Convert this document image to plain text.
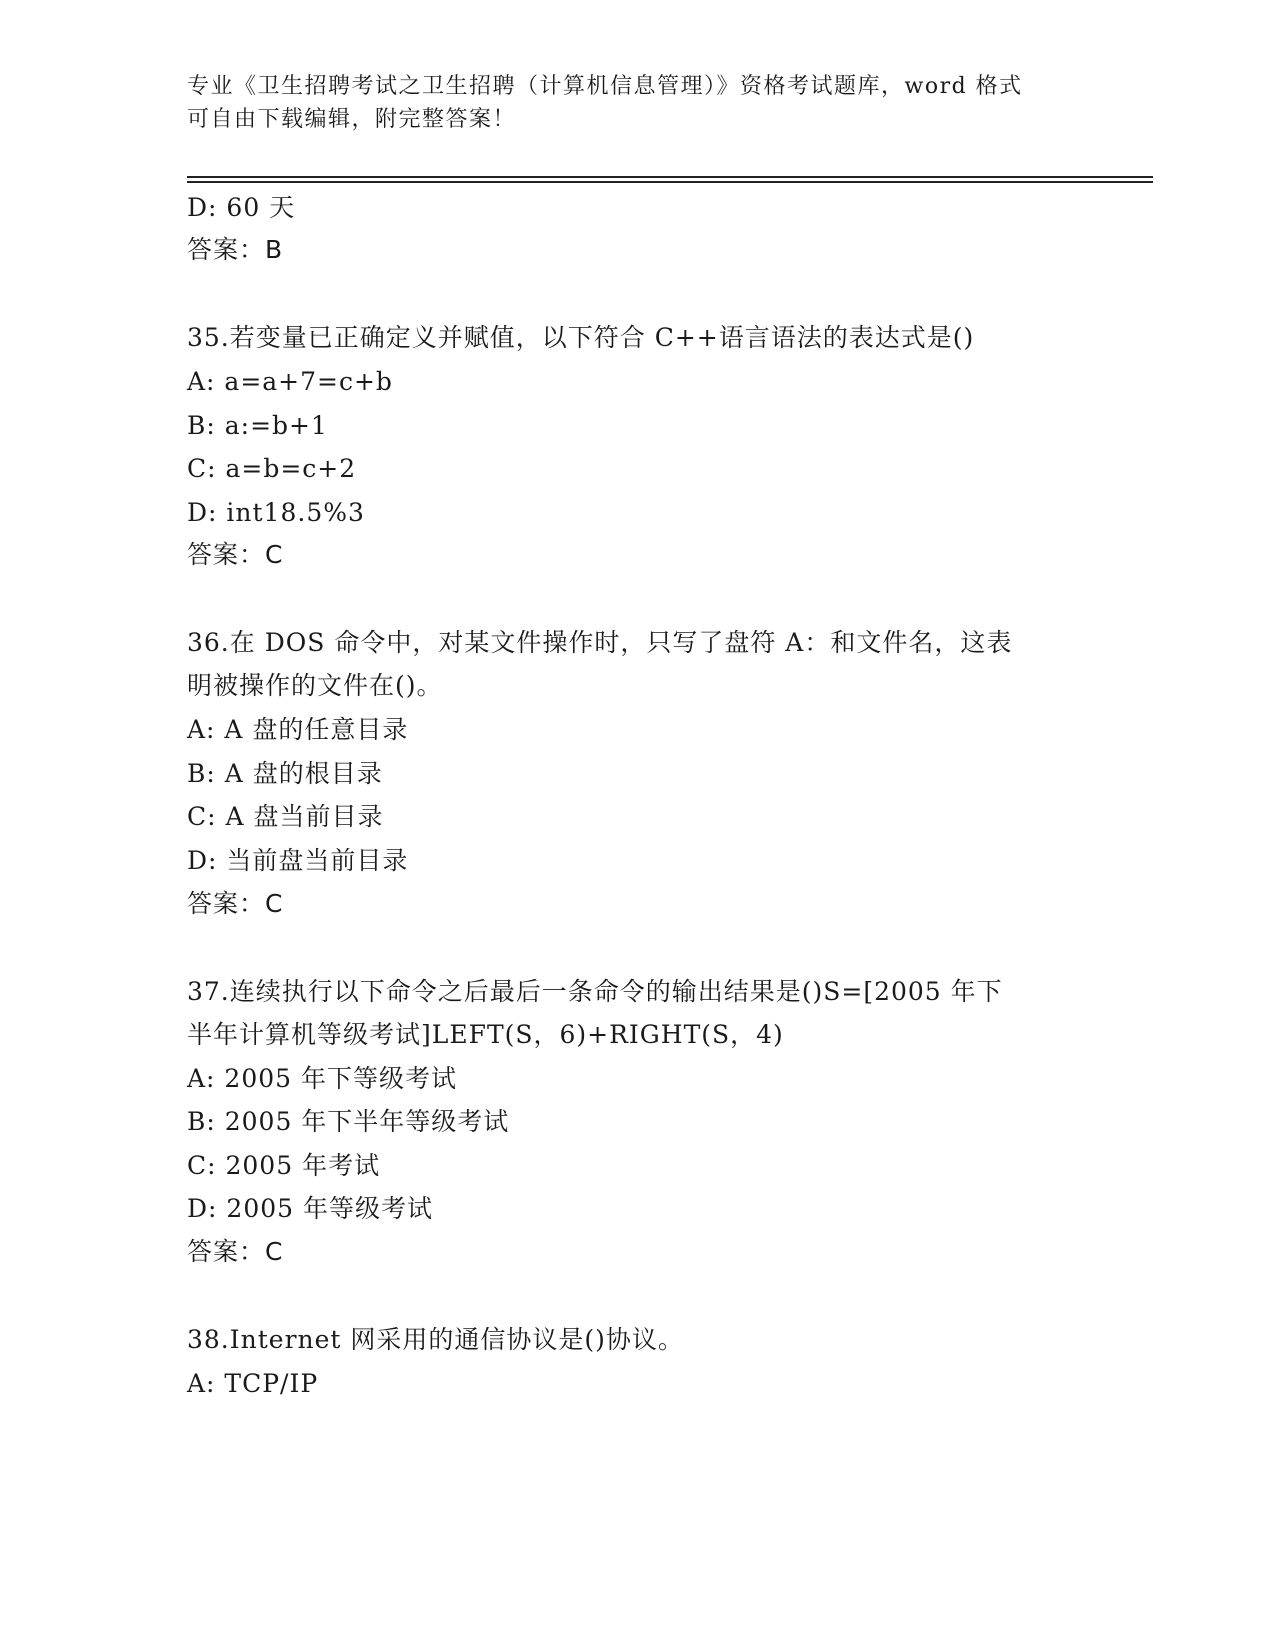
专业《卫生招聘考试之卫生招聘（计算机信息管理）》资格考试题库，word 格式
可自由下载编辑，附完整答案！
D: 60 天
答案：B
35.若变量已正确定义并赋值，以下符合 C++语言语法的表达式是()
A: a=a+7=c+b
B: a:=b+1
C: a=b=c+2
D: int18.5%3
答案：C
36.在 DOS 命令中，对某文件操作时，只写了盘符 A：和文件名，这表
明被操作的文件在()。
A: A 盘的任意目录
B: A 盘的根目录
C: A 盘当前目录
D: 当前盘当前目录
答案：C
37.连续执行以下命令之后最后一条命令的输出结果是()S=[2005 年下
半年计算机等级考试]LEFT(S，6)+RIGHT(S，4)
A: 2005 年下等级考试
B: 2005 年下半年等级考试
C: 2005 年考试
D: 2005 年等级考试
答案：C
38.Internet 网采用的通信协议是()协议。
A: TCP/IP
